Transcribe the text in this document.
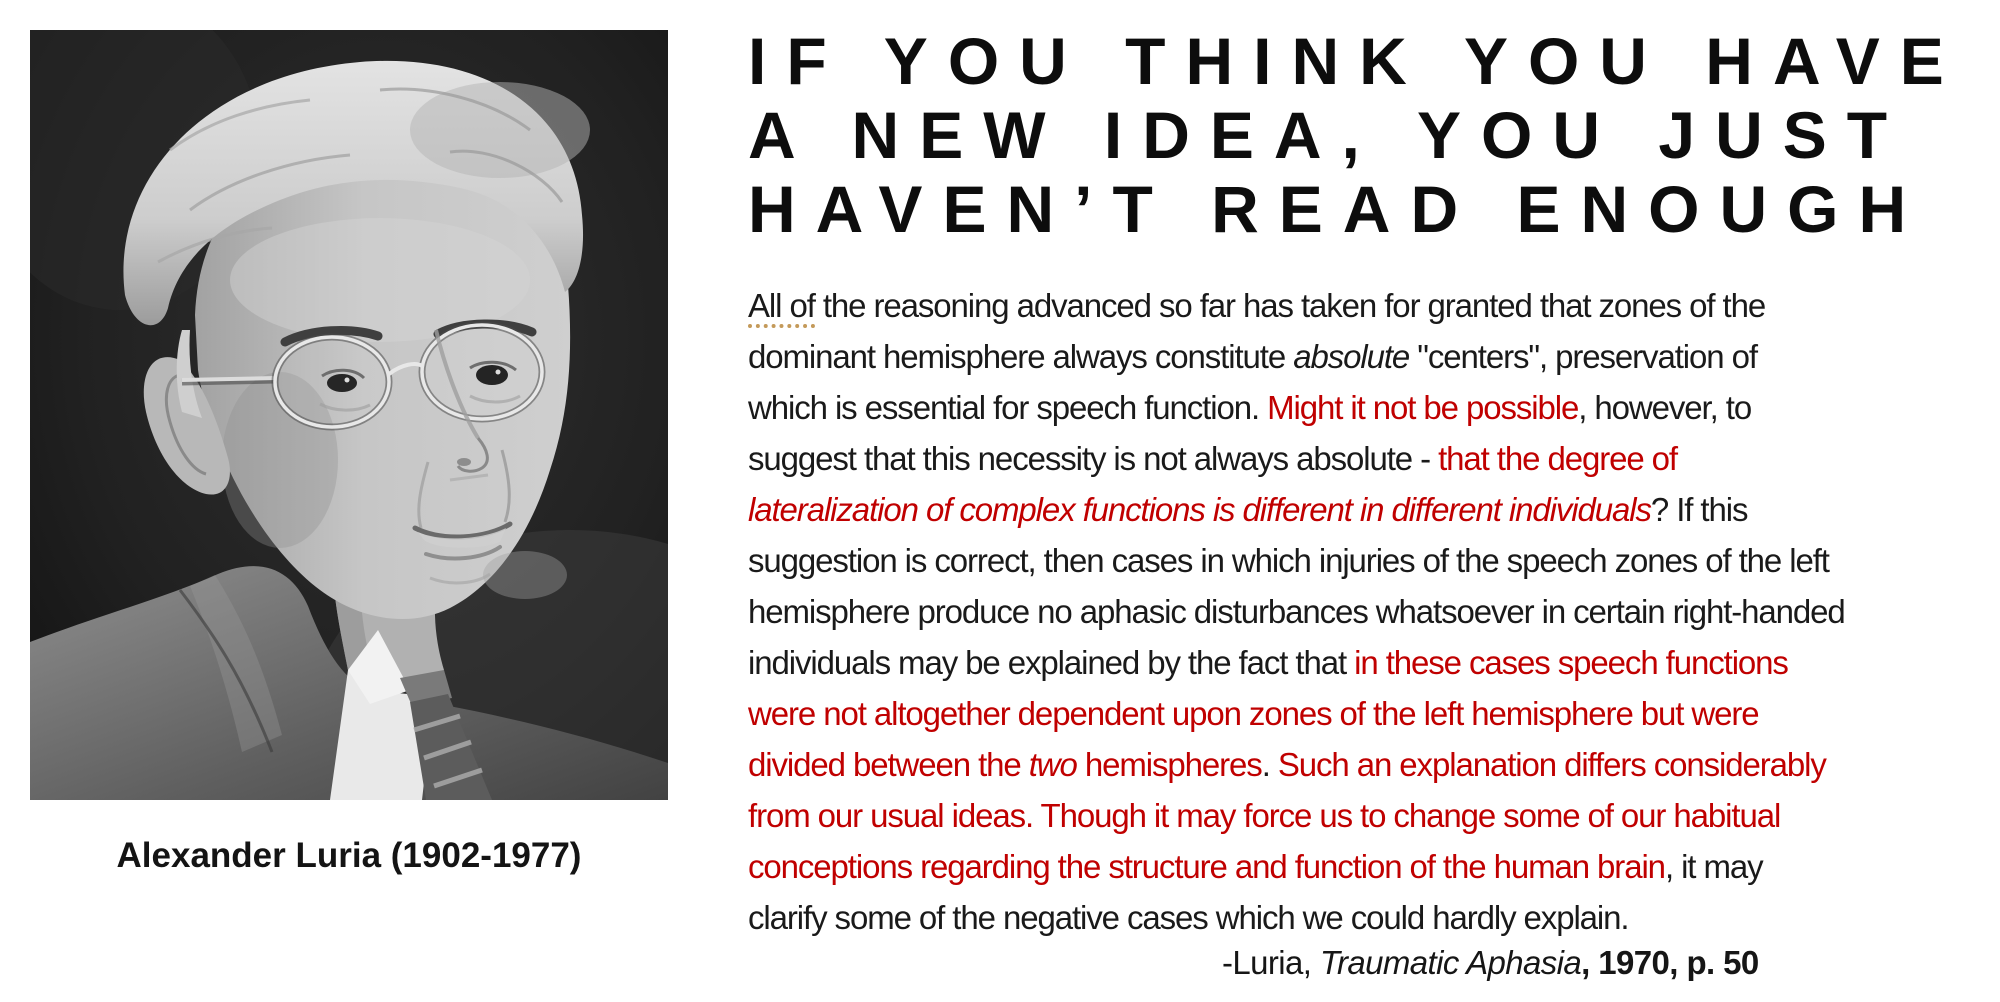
Alexander Luria (1902-1977)
IF YOU THINK YOU HAVE
A NEW IDEA, YOU JUST
HAVEN’T READ ENOUGH
All of the reasoning advanced so far has taken for granted that zones of the
dominant hemisphere always constitute absolute "centers", preservation of
which is essential for speech function. Might it not be possible, however, to
suggest that this necessity is not always absolute - that the degree of
lateralization of complex functions is different in different individuals? If this
suggestion is correct, then cases in which injuries of the speech zones of the left
hemisphere produce no aphasic disturbances whatsoever in certain right-handed
individuals may be explained by the fact that in these cases speech functions
were not altogether dependent upon zones of the left hemisphere but were
divided between the two hemispheres. Such an explanation differs considerably
from our usual ideas. Though it may force us to change some of our habitual
conceptions regarding the structure and function of the human brain, it may
clarify some of the negative cases which we could hardly explain.
-Luria, Traumatic Aphasia, 1970, p. 50
